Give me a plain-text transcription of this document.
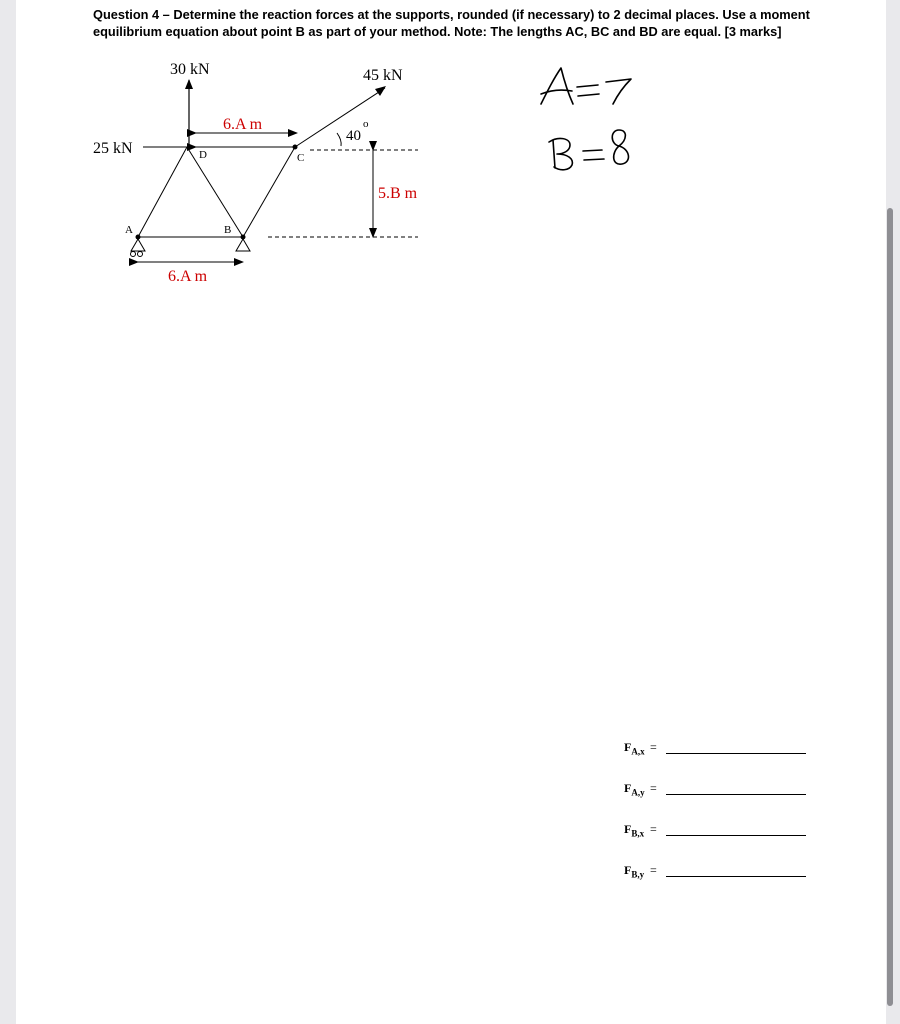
Question 4 – Determine the reaction forces at the supports, rounded (if necessary) to 2 decimal places. Use a moment equilibrium equation about point B as part of your method. Note: The lengths AC, BC and BD are equal. [3 marks]
30 kN	45 kN
25 kN
6.A m
6.A m
5.B m
40
o
A	B
C
D
$F_{A,x}$ =
$F_{A,y}$ =
$F_{B,x}$ =
$F_{B,y}$ =
